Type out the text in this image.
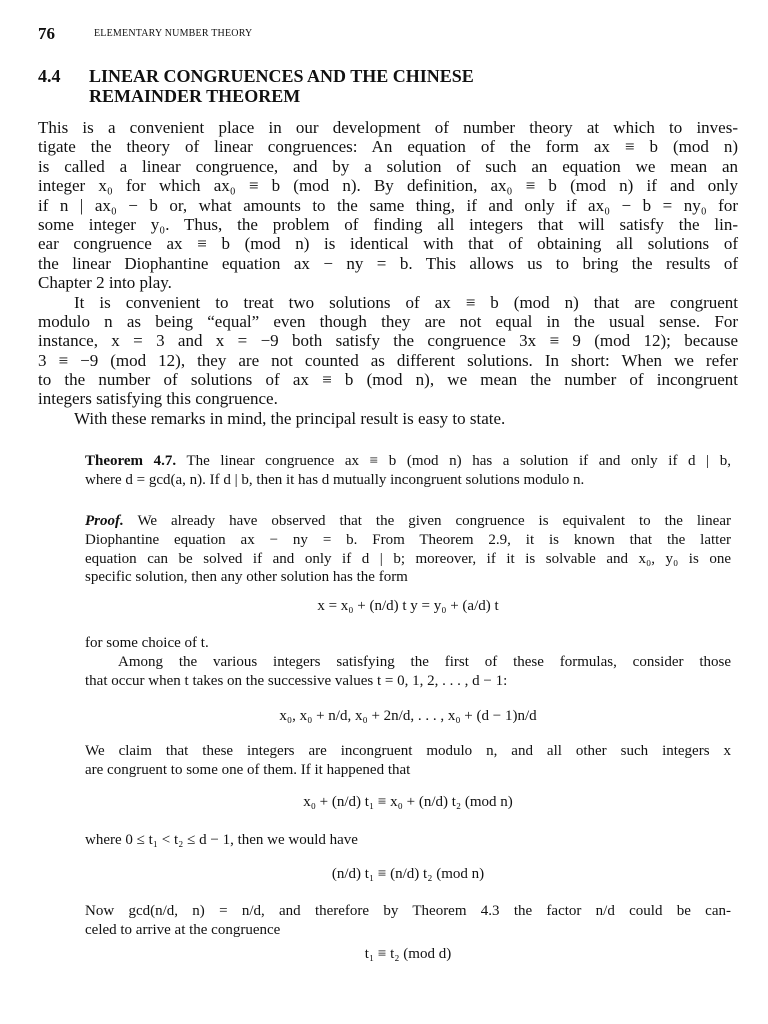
76	ELEMENTARY NUMBER THEORY
4.4 LINEAR CONGRUENCES AND THE CHINESE
REMAINDER THEOREM
This is a convenient place in our development of number theory at which to inves-
tigate the theory of linear congruences: An equation of the form ax ≡ b (mod n)
is called a linear congruence, and by a solution of such an equation we mean an
integer x₀ for which ax₀ ≡ b (mod n). By definition, ax₀ ≡ b (mod n) if and only
if n | ax₀ − b or, what amounts to the same thing, if and only if ax₀ − b = ny₀ for
some integer y₀. Thus, the problem of finding all integers that will satisfy the lin-
ear congruence ax ≡ b (mod n) is identical with that of obtaining all solutions of
the linear Diophantine equation ax − ny = b. This allows us to bring the results of
Chapter 2 into play.
It is convenient to treat two solutions of ax ≡ b (mod n) that are congruent
modulo n as being “equal” even though they are not equal in the usual sense. For
instance, x = 3 and x = −9 both satisfy the congruence 3x ≡ 9 (mod 12); because
3 ≡ −9 (mod 12), they are not counted as different solutions. In short: When we refer
to the number of solutions of ax ≡ b (mod n), we mean the number of incongruent
integers satisfying this congruence.
With these remarks in mind, the principal result is easy to state.
Theorem 4.7. The linear congruence ax ≡ b (mod n) has a solution if and only if d | b,
where d = gcd(a, n). If d | b, then it has d mutually incongruent solutions modulo n.
Proof. We already have observed that the given congruence is equivalent to the linear
Diophantine equation ax − ny = b. From Theorem 2.9, it is known that the latter
equation can be solved if and only if d | b; moreover, if it is solvable and x₀, y₀ is one
specific solution, then any other solution has the form
x = x₀ + (n/d) t y = y₀ + (a/d) t
for some choice of t.
Among the various integers satisfying the first of these formulas, consider those
that occur when t takes on the successive values t = 0, 1, 2, . . . , d − 1:
x₀, x₀ + n/d, x₀ + 2n/d, . . . , x₀ + (d − 1)n/d
We claim that these integers are incongruent modulo n, and all other such integers x
are congruent to some one of them. If it happened that
x₀ + (n/d) t₁ ≡ x₀ + (n/d) t₂ (mod n)
where 0 ≤ t₁ < t₂ ≤ d − 1, then we would have
(n/d) t₁ ≡ (n/d) t₂ (mod n)
Now gcd(n/d, n) = n/d, and therefore by Theorem 4.3 the factor n/d could be can-
celed to arrive at the congruence
t₁ ≡ t₂ (mod d)
